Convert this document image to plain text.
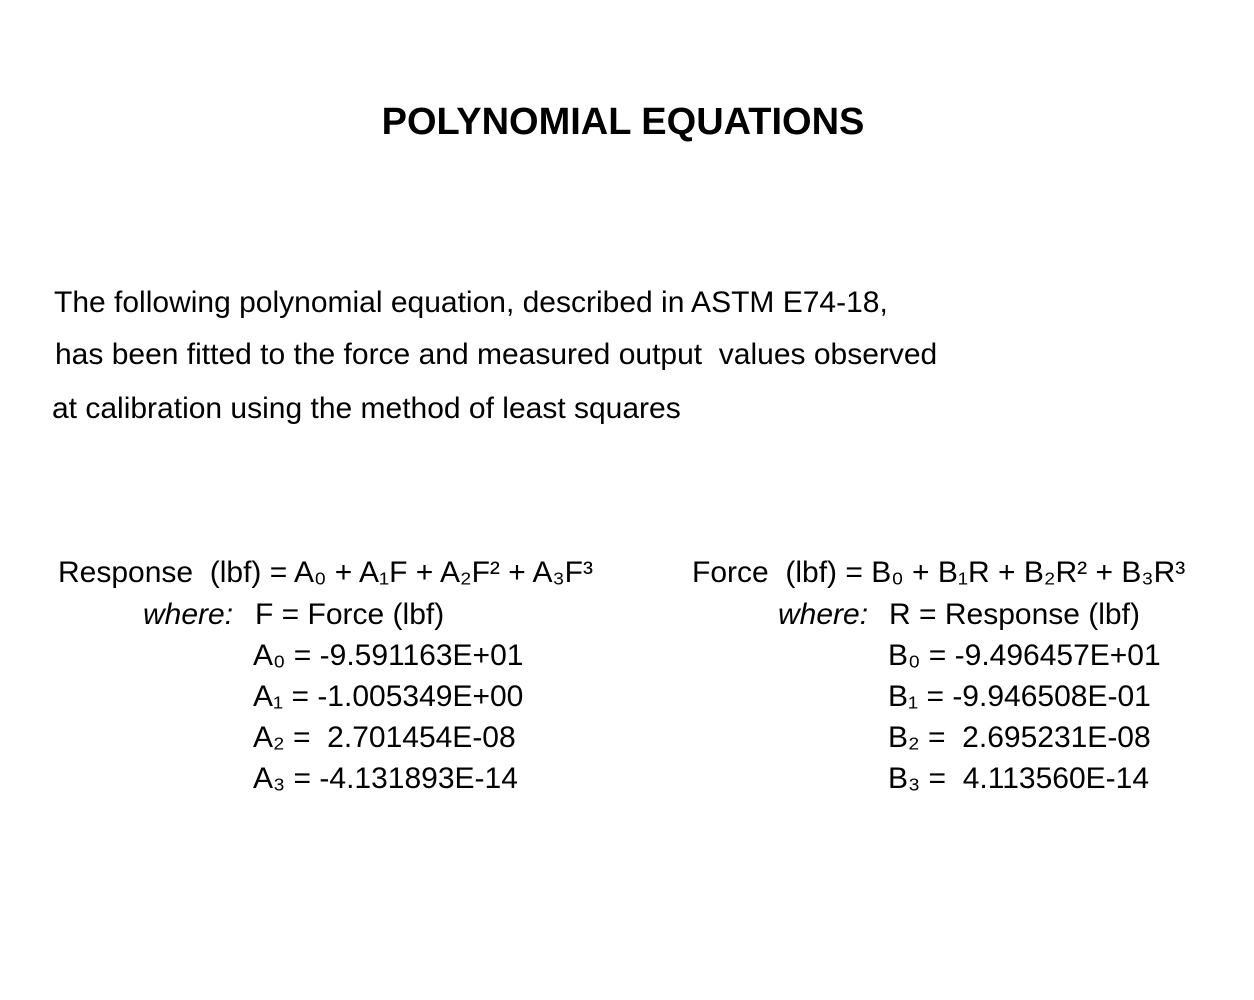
POLYNOMIAL EQUATIONS
The following polynomial equation, described in ASTM E74-18,
has been fitted to the force and measured output  values observed
at calibration using the method of least squares
Response  (lbf) = A₀ + A₁F + A₂F² + A₃F³
where: F = Force (lbf)
A₀ = -9.591163E+01
A₁ = -1.005349E+00
A₂ =  2.701454E-08
A₃ = -4.131893E-14
Force  (lbf) = B₀ + B₁R + B₂R² + B₃R³
where: R = Response (lbf)
B₀ = -9.496457E+01
B₁ = -9.946508E-01
B₂ =  2.695231E-08
B₃ =  4.113560E-14
